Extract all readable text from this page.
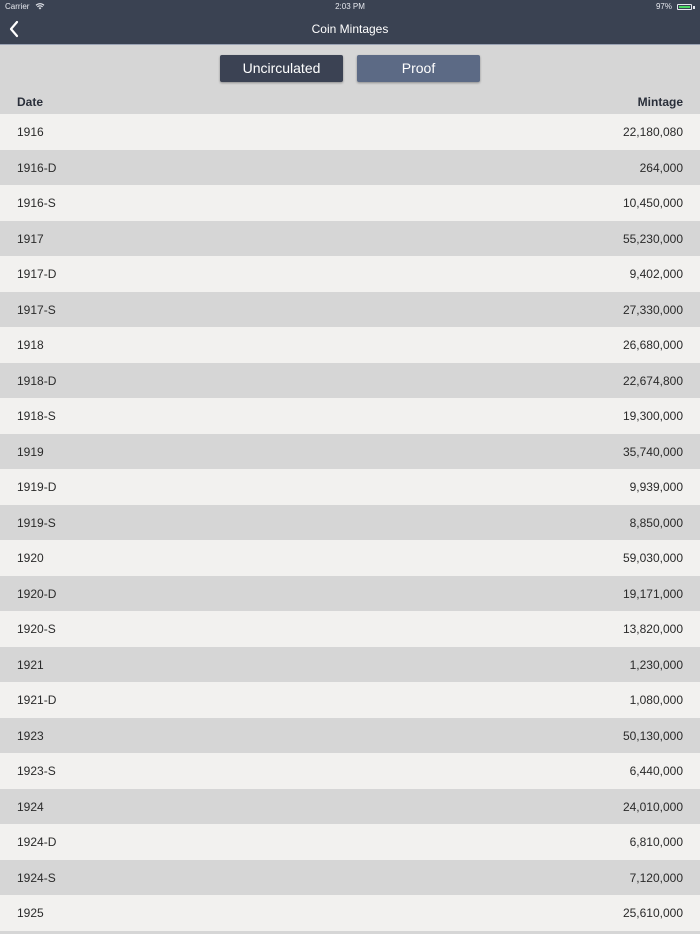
Carrier	2:03 PM	97%
Coin Mintages
Uncirculated	Proof
Date	Mintage
1916	22,180,080
1916-D	264,000
1916-S	10,450,000
1917	55,230,000
1917-D	9,402,000
1917-S	27,330,000
1918	26,680,000
1918-D	22,674,800
1918-S	19,300,000
1919	35,740,000
1919-D	9,939,000
1919-S	8,850,000
1920	59,030,000
1920-D	19,171,000
1920-S	13,820,000
1921	1,230,000
1921-D	1,080,000
1923	50,130,000
1923-S	6,440,000
1924	24,010,000
1924-D	6,810,000
1924-S	7,120,000
1925	25,610,000
